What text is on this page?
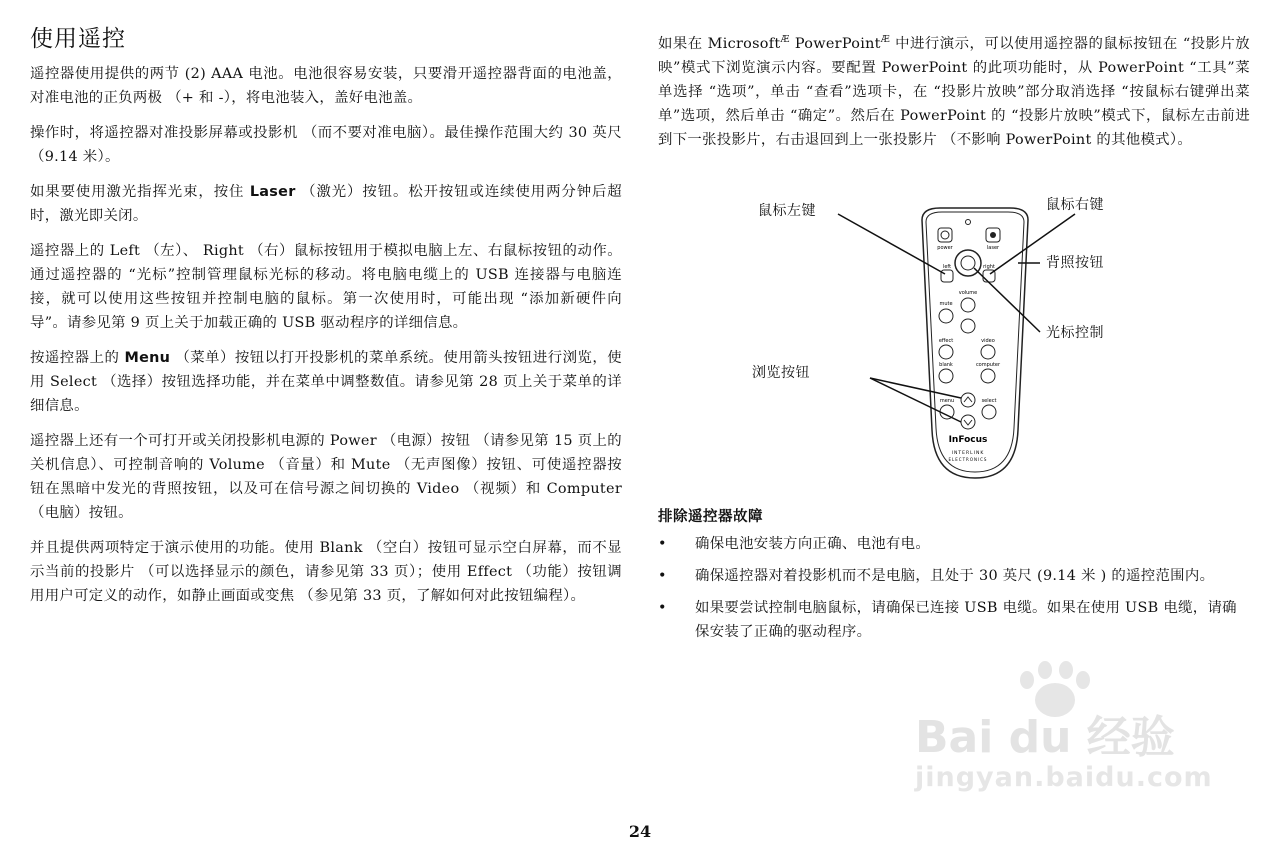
使用遥控

遥控器使用提供的两节 (2) AAA 电池。电池很容易安装，只要滑开遥控器背面的电池盖，对准电池的正负两极 （+ 和 -），将电池装入，盖好电池盖。

操作时，将遥控器对准投影屏幕或投影机 （而不要对准电脑）。最佳操作范围大约 30 英尺 （9.14 米）。

如果要使用激光指挥光束，按住 Laser （激光）按钮。松开按钮或连续使用两分钟后超时，激光即关闭。

遥控器上的 Left （左）、 Right （右）鼠标按钮用于模拟电脑上左、右鼠标按钮的动作。通过遥控器的 “光标”控制管理鼠标光标的移动。将电脑电缆上的 USB 连接器与电脑连接，就可以使用这些按钮并控制电脑的鼠标。第一次使用时，可能出现 “添加新硬件向导”。请参见第 9 页上关于加载正确的 USB 驱动程序的详细信息。

按遥控器上的 Menu （菜单）按钮以打开投影机的菜单系统。使用箭头按钮进行浏览，使用 Select （选择）按钮选择功能，并在菜单中调整数值。请参见第 28 页上关于菜单的详细信息。

遥控器上还有一个可打开或关闭投影机电源的 Power （电源）按钮 （请参见第 15 页上的关机信息）、可控制音响的 Volume （音量）和 Mute （无声图像）按钮、可使遥控器按钮在黑暗中发光的背照按钮，以及可在信号源之间切换的 Video （视频）和 Computer （电脑）按钮。

并且提供两项特定于演示使用的功能。使用 Blank （空白）按钮可显示空白屏幕，而不显示当前的投影片 （可以选择显示的颜色，请参见第 33 页）；使用 Effect （功能）按钮调用用户可定义的动作，如静止画面或变焦 （参见第 33 页，了解如何对此按钮编程）。

如果在 Microsoft$^Æ$ PowerPoint$^Æ$ 中进行演示，可以使用遥控器的鼠标按钮在 “投影片放映”模式下浏览演示内容。要配置 PowerPoint 的此项功能时，从 PowerPoint “工具”菜单选择 “选项”，单击 “查看”选项卡，在 “投影片放映”部分取消选择 “按鼠标右键弹出菜单”选项，然后单击 “确定”。然后在 PowerPoint 的 “投影片放映”模式下，鼠标左击前进到下一张投影片，右击退回到上一张投影片 （不影响 PowerPoint 的其他模式）。

power	laser
left	right
volume
mute
effect	video
blank	computer
menu	select
InFocus
INTERLINK
ELECTRONICS
鼠标左键	鼠标右键
背照按钮
光标控制
浏览按钮
排除遥控器故障
• 确保电池安装方向正确、电池有电。
• 确保遥控器对着投影机而不是电脑，且处于 30 英尺 (9.14 米 ) 的遥控范围内。
• 如果要尝试控制电脑鼠标，请确保已连接 USB 电缆。如果在使用 USB 电缆，请确保安装了正确的驱动程序。
Bai du 经验
jingyan.baidu.com
24
